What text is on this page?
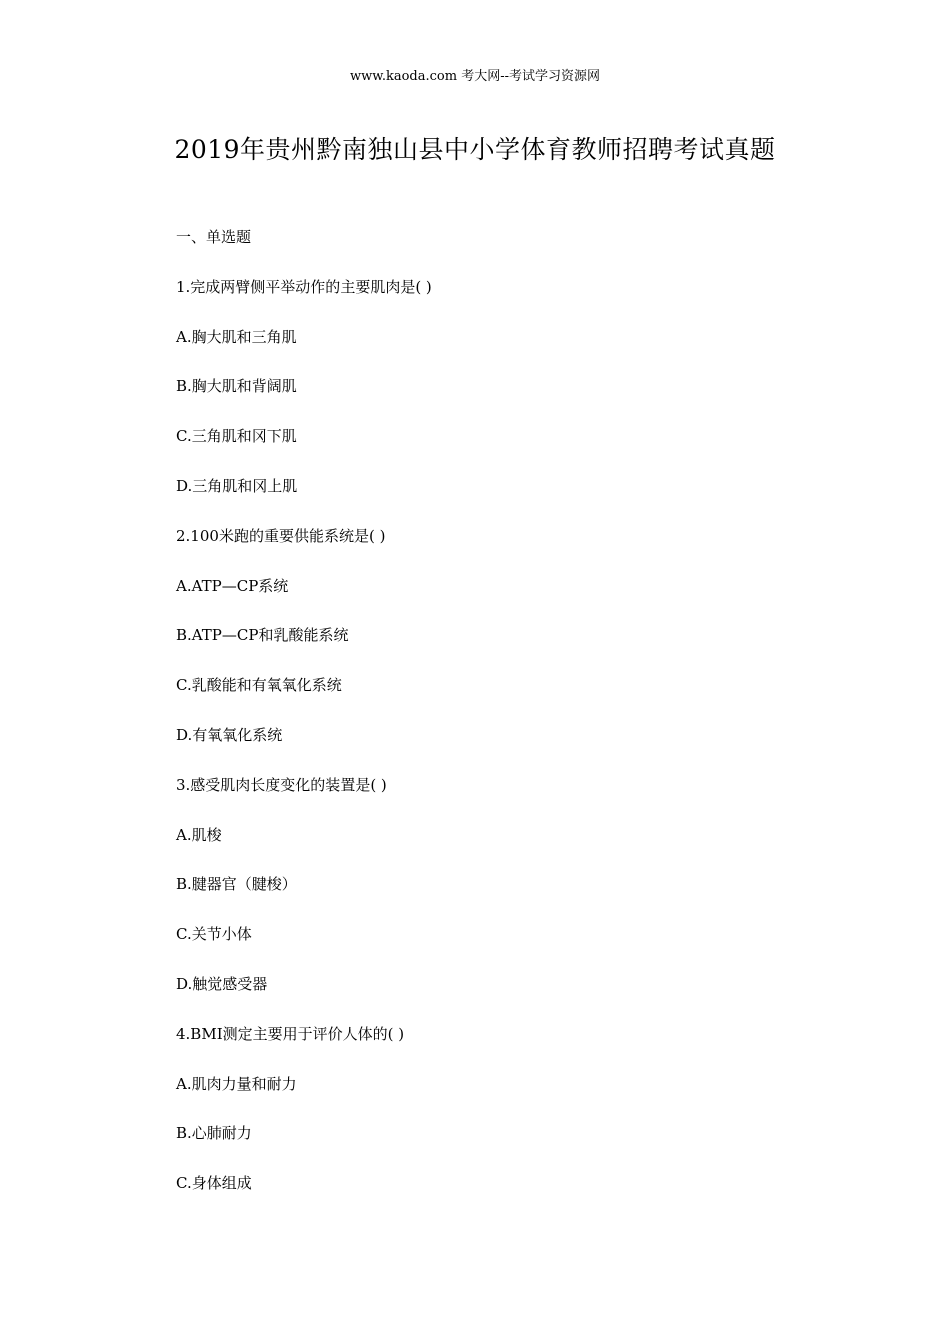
www.kaoda.com 考大网--考试学习资源网
2019年贵州黔南独山县中小学体育教师招聘考试真题
一、单选题
1.完成两臂侧平举动作的主要肌肉是( )
A.胸大肌和三角肌
B.胸大肌和背阔肌
C.三角肌和冈下肌
D.三角肌和冈上肌
2.100米跑的重要供能系统是( )
A.ATP—CP系统
B.ATP—CP和乳酸能系统
C.乳酸能和有氧氧化系统
D.有氧氧化系统
3.感受肌肉长度变化的装置是( )
A.肌梭
B.腱器官（腱梭）
C.关节小体
D.触觉感受器
4.BMI测定主要用于评价人体的( )
A.肌肉力量和耐力
B.心肺耐力
C.身体组成
